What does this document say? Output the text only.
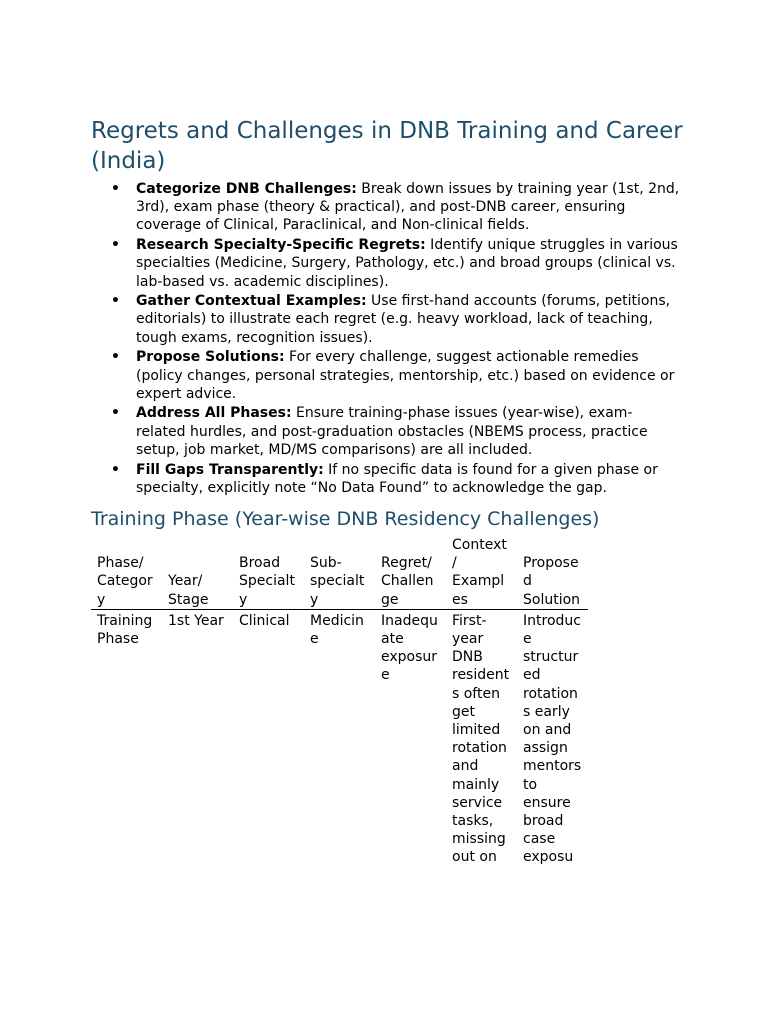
Regrets and Challenges in DNB Training and Career (India)
• Categorize DNB Challenges: Break down issues by training year (1st, 2nd, 3rd), exam phase (theory & practical), and post-DNB career, ensuring coverage of Clinical, Paraclinical, and Non-clinical fields.
• Research Specialty-Specific Regrets: Identify unique struggles in various specialties (Medicine, Surgery, Pathology, etc.) and broad groups (clinical vs. lab-based vs. academic disciplines).
• Gather Contextual Examples: Use first-hand accounts (forums, petitions, editorials) to illustrate each regret (e.g. heavy workload, lack of teaching, tough exams, recognition issues).
• Propose Solutions: For every challenge, suggest actionable remedies (policy changes, personal strategies, mentorship, etc.) based on evidence or expert advice.
• Address All Phases: Ensure training-phase issues (year-wise), exam-related hurdles, and post-graduation obstacles (NBEMS process, practice setup, job market, MD/MS comparisons) are all included.
• Fill Gaps Transparently: If no specific data is found for a given phase or specialty, explicitly note “No Data Found” to acknowledge the gap.
Training Phase (Year-wise DNB Residency Challenges)
Phase/ Category	Year/ Stage	Broad Specialty	Sub-specialty	Regret/ Challenge	Context/ Examples	Proposed Solution
Training Phase	1st Year	Clinical	Medicine	Inadequate exposure	First-year DNB residents often get limited rotation and mainly service tasks, missing out on	Introduce structured rotations early on and assign mentors to ensure broad case exposu
